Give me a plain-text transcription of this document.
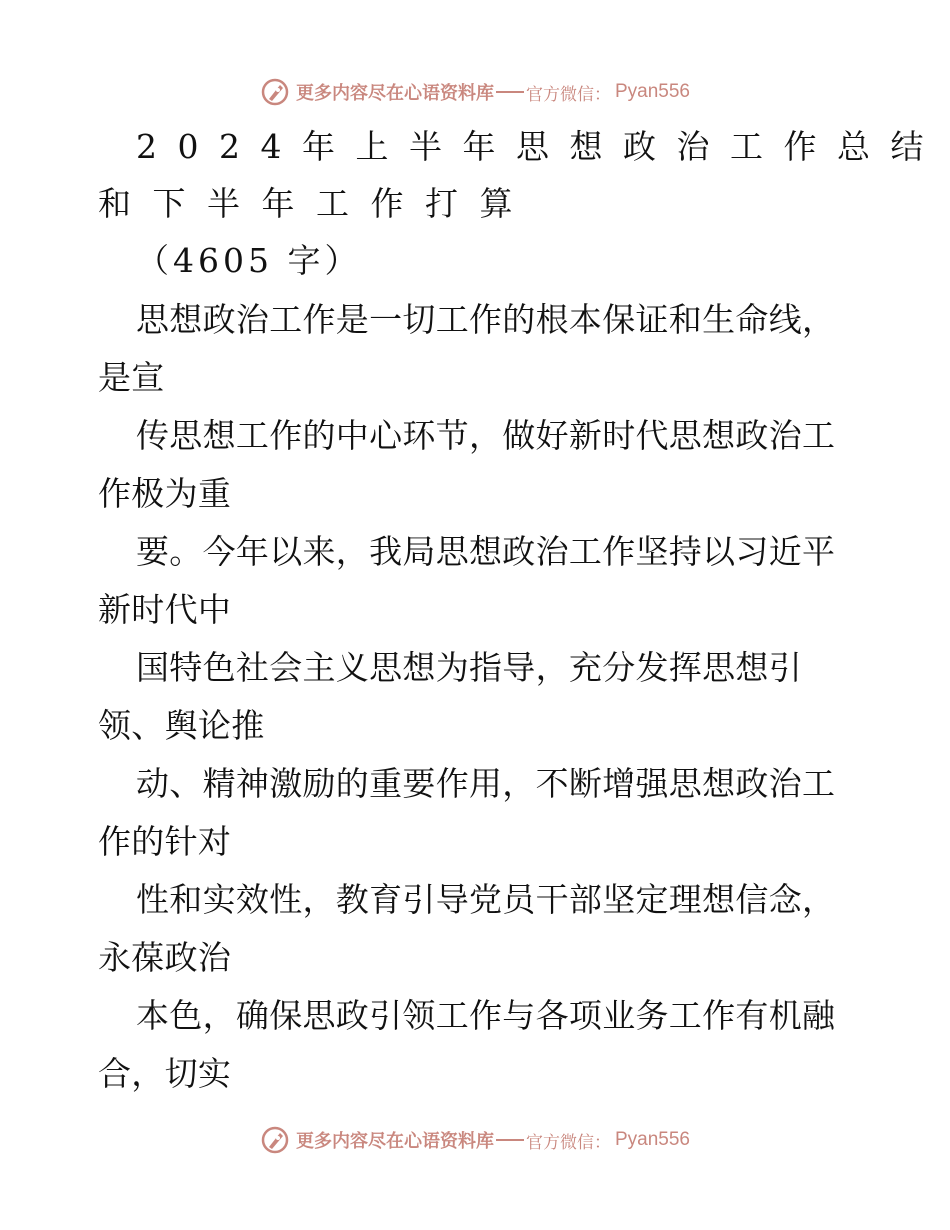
更多内容尽在心语资料库 官方微信： Pyan556
2024年上半年思想政治工作总结
和下半年工作打算
（4605 字）
思想政治工作是一切工作的根本保证和生命线，
是宣
传思想工作的中心环节，做好新时代思想政治工
作极为重
要。今年以来，我局思想政治工作坚持以习近平
新时代中
国特色社会主义思想为指导，充分发挥思想引
领、舆论推
动、精神激励的重要作用，不断增强思想政治工
作的针对
性和实效性，教育引导党员干部坚定理想信念，
永葆政治
本色，确保思政引领工作与各项业务工作有机融
合，切实
更多内容尽在心语资料库 官方微信： Pyan556
